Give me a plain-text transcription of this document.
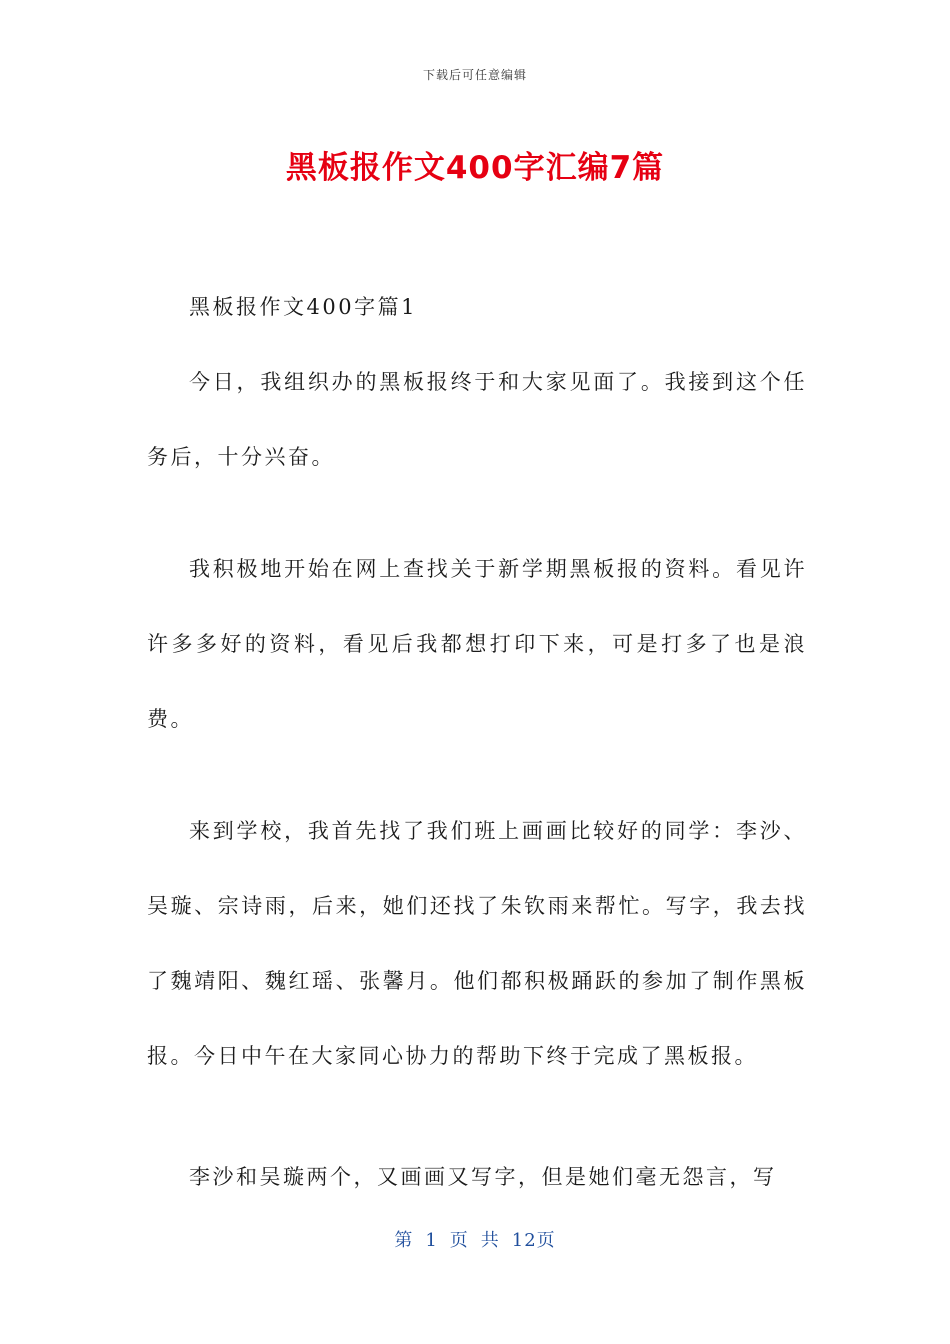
下载后可任意编辑
黑板报作文400字汇编7篇

黑板报作文400字篇1

今日，我组织办的黑板报终于和大家见面了。我接到这个任务后，十分兴奋。

我积极地开始在网上查找关于新学期黑板报的资料。看见许许多多好的资料，看见后我都想打印下来，可是打多了也是浪费。

来到学校，我首先找了我们班上画画比较好的同学：李沙、吴璇、宗诗雨，后来，她们还找了朱钦雨来帮忙。写字，我去找了魏靖阳、魏红瑶、张馨月。他们都积极踊跃的参加了制作黑板报。今日中午在大家同心协力的帮助下终于完成了黑板报。

李沙和吴璇两个，又画画又写字，但是她们毫无怨言，写

第 1 页 共 12页
